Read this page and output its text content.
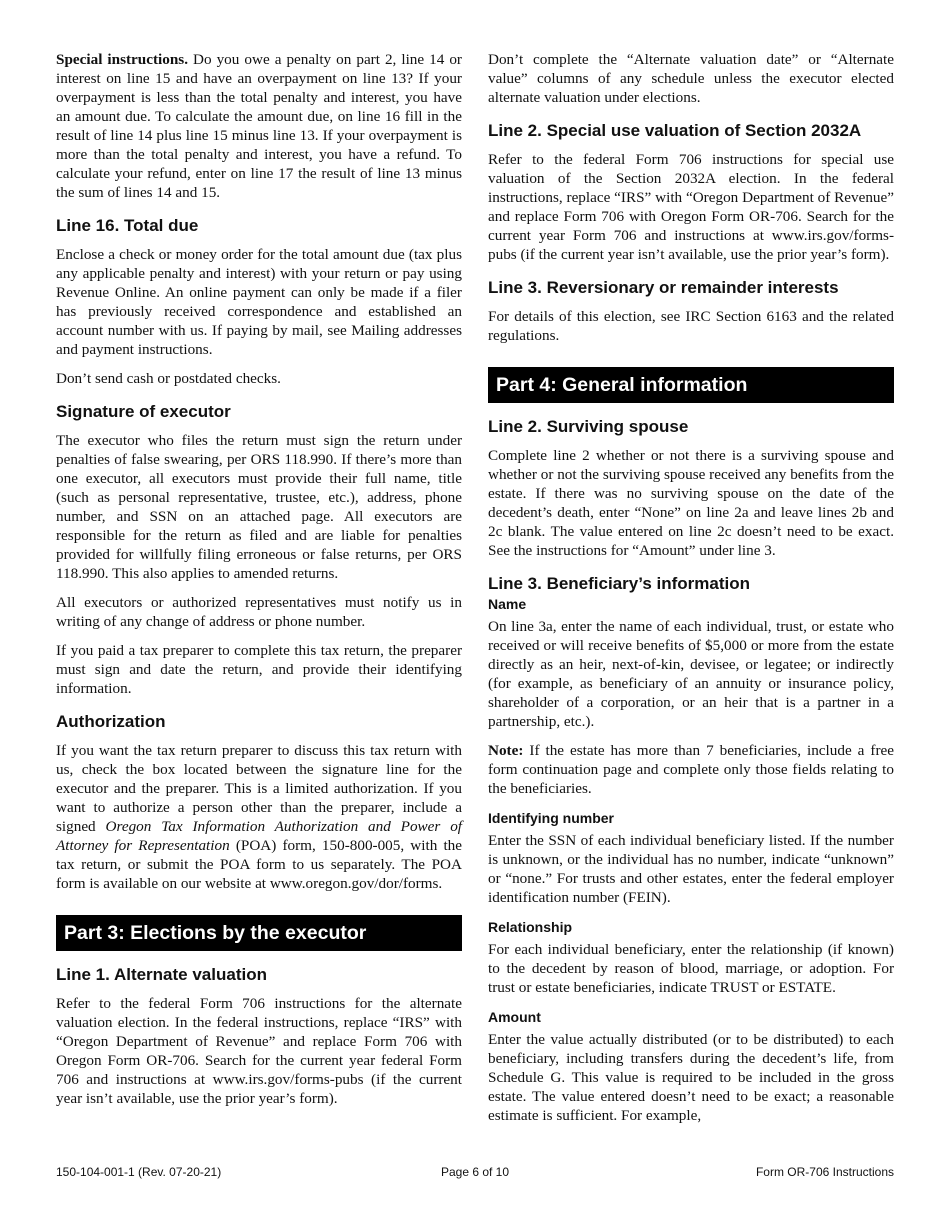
Special instructions. Do you owe a penalty on part 2, line 14 or interest on line 15 and have an overpayment on line 13? If your overpayment is less than the total penalty and interest, you have an amount due. To calculate the amount due, on line 16 fill in the result of line 14 plus line 15 minus line 13. If your overpayment is more than the total penalty and interest, you have a refund. To calculate your refund, enter on line 17 the result of line 13 minus the sum of lines 14 and 15.

Line 16. Total due

Enclose a check or money order for the total amount due (tax plus any applicable penalty and interest) with your return or pay using Revenue Online. An online payment can only be made if a filer has previously received correspondence and established an account number with us. If paying by mail, see Mailing addresses and payment instructions.

Don’t send cash or postdated checks.

Signature of executor

The executor who files the return must sign the return under penalties of false swearing, per ORS 118.990. If there’s more than one executor, all executors must provide their full name, title (such as personal representative, trustee, etc.), address, phone number, and SSN on an attached page. All executors are responsible for the return as filed and are liable for penalties provided for willfully filing erroneous or false returns, per ORS 118.990. This also applies to amended returns.

All executors or authorized representatives must notify us in writing of any change of address or phone number.

If you paid a tax preparer to complete this tax return, the preparer must sign and date the return, and provide their identifying information.

Authorization

If you want the tax return preparer to discuss this tax return with us, check the box located between the signature line for the executor and the preparer. This is a limited authorization. If you want to authorize a person other than the preparer, include a signed Oregon Tax Information Authorization and Power of Attorney for Representation (POA) form, 150-800-005, with the tax return, or submit the POA form to us separately. The POA form is available on our website at www.oregon.gov/dor/forms.

Part 3: Elections by the executor
Line 1. Alternate valuation

Refer to the federal Form 706 instructions for the alternate valuation election. In the federal instructions, replace “IRS” with “Oregon Department of Revenue” and replace Form 706 with Oregon Form OR-706. Search for the current year federal Form 706 and instructions at www.irs.gov/forms-pubs (if the current year isn’t available, use the prior year’s form).

Don’t complete the “Alternate valuation date” or “Alternate value” columns of any schedule unless the executor elected alternate valuation under elections.

Line 2. Special use valuation of Section 2032A

Refer to the federal Form 706 instructions for special use valuation of the Section 2032A election. In the federal instructions, replace “IRS” with “Oregon Department of Revenue” and replace Form 706 with Oregon Form OR-706. Search for the current year Form 706 and instructions at www.irs.gov/forms-pubs (if the current year isn’t available, use the prior year’s form).

Line 3. Reversionary or remainder interests

For details of this election, see IRC Section 6163 and the related regulations.

Part 4: General information
Line 2. Surviving spouse

Complete line 2 whether or not there is a surviving spouse and whether or not the surviving spouse received any benefits from the estate. If there was no surviving spouse on the date of the decedent’s death, enter “None” on line 2a and leave lines 2b and 2c blank. The value entered on line 2c doesn’t need to be exact. See the instructions for “Amount” under line 3.

Line 3. Beneficiary’s information
Name

On line 3a, enter the name of each individual, trust, or estate who received or will receive benefits of $5,000 or more from the estate directly as an heir, next-of-kin, devisee, or legatee; or indirectly (for example, as beneficiary of an annuity or insurance policy, shareholder of a corporation, or an heir that is a partner in a partnership, etc.).

Note: If the estate has more than 7 beneficiaries, include a free form continuation page and complete only those fields relating to the beneficiaries.

Identifying number

Enter the SSN of each individual beneficiary listed. If the number is unknown, or the individual has no number, indicate “unknown” or “none.” For trusts and other estates, enter the federal employer identification number (FEIN).

Relationship

For each individual beneficiary, enter the relationship (if known) to the decedent by reason of blood, marriage, or adoption. For trust or estate beneficiaries, indicate TRUST or ESTATE.

Amount

Enter the value actually distributed (or to be distributed) to each beneficiary, including transfers during the decedent’s life, from Schedule G. This value is required to be included in the gross estate. The value entered doesn’t need to be exact; a reasonable estimate is sufficient. For example,

Page 6 of 10
150-104-001-1 (Rev. 07-20-21)	Form OR-706 Instructions
